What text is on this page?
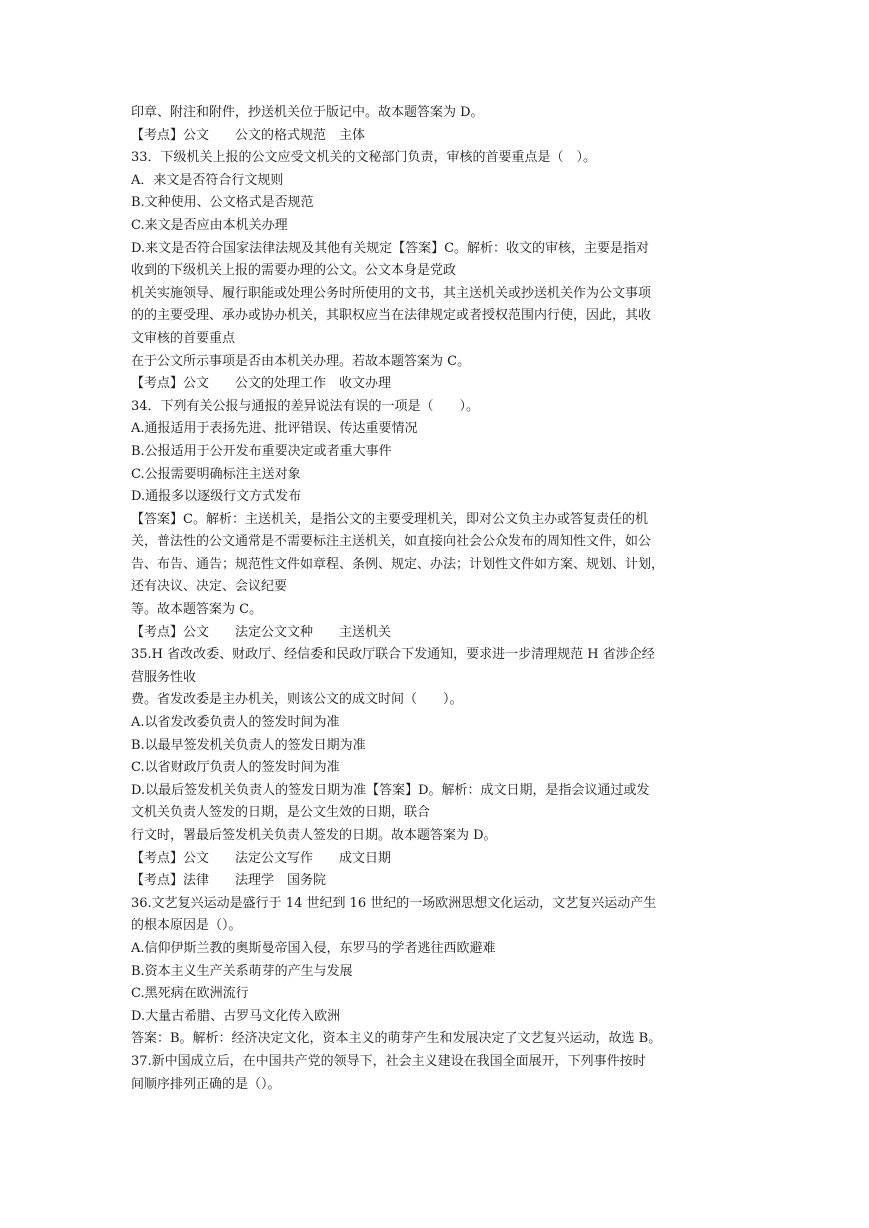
印章、附注和附件，抄送机关位于版记中。故本题答案为 D。
【考点】公文　　公文的格式规范　主体
33．下级机关上报的公文应受文机关的文秘部门负责，审核的首要重点是（　）。
A．来文是否符合行文规则
B.文种使用、公文格式是否规范
C.来文是否应由本机关办理
D.来文是否符合国家法律法规及其他有关规定【答案】C。解析：收文的审核，主要是指对
收到的下级机关上报的需要办理的公文。公文本身是党政
机关实施领导、履行职能或处理公务时所使用的文书，其主送机关或抄送机关作为公文事项
的的主要受理、承办或协办机关，其职权应当在法律规定或者授权范围内行使，因此，其收
文审核的首要重点
在于公文所示事项是否由本机关办理。若故本题答案为 C。
【考点】公文　　公文的处理工作　收文办理
34．下列有关公报与通报的差异说法有误的一项是（　　）。
A.通报适用于表扬先进、批评错误、传达重要情况
B.公报适用于公开发布重要决定或者重大事件
C.公报需要明确标注主送对象
D.通报多以逐级行文方式发布
【答案】C。解析：主送机关，是指公文的主要受理机关，即对公文负主办或答复责任的机
关，普法性的公文通常是不需要标注主送机关，如直接向社会公众发布的周知性文件，如公
告、布告、通告；规范性文件如章程、条例、规定、办法；计划性文件如方案、规划、计划，
还有决议、决定、会议纪要
等。故本题答案为 C。
【考点】公文　　法定公文文种　　主送机关
35.H 省改改委、财政厅、经信委和民政厅联合下发通知，要求进一步清理规范 H 省涉企经
营服务性收
费。省发改委是主办机关，则该公文的成文时间（　　）。
A.以省发改委负责人的签发时间为准
B.以最早签发机关负责人的签发日期为准
C.以省财政厅负责人的签发时间为准
D.以最后签发机关负责人的签发日期为准【答案】D。解析：成文日期，是指会议通过或发
文机关负责人签发的日期，是公文生效的日期，联合
行文时，署最后签发机关负责人签发的日期。故本题答案为 D。
【考点】公文　　法定公文写作　　成文日期
【考点】法律　　法理学　国务院
36.文艺复兴运动是盛行于 14 世纪到 16 世纪的一场欧洲思想文化运动，文艺复兴运动产生
的根本原因是（）。
A.信仰伊斯兰教的奥斯曼帝国入侵，东罗马的学者逃往西欧避难
B.资本主义生产关系萌芽的产生与发展
C.黑死病在欧洲流行
D.大量古希腊、古罗马文化传入欧洲
答案：B。解析：经济决定文化，资本主义的萌芽产生和发展决定了文艺复兴运动，故选 B。
37.新中国成立后，在中国共产党的领导下，社会主义建设在我国全面展开，下列事件按时
间顺序排列正确的是（）。
